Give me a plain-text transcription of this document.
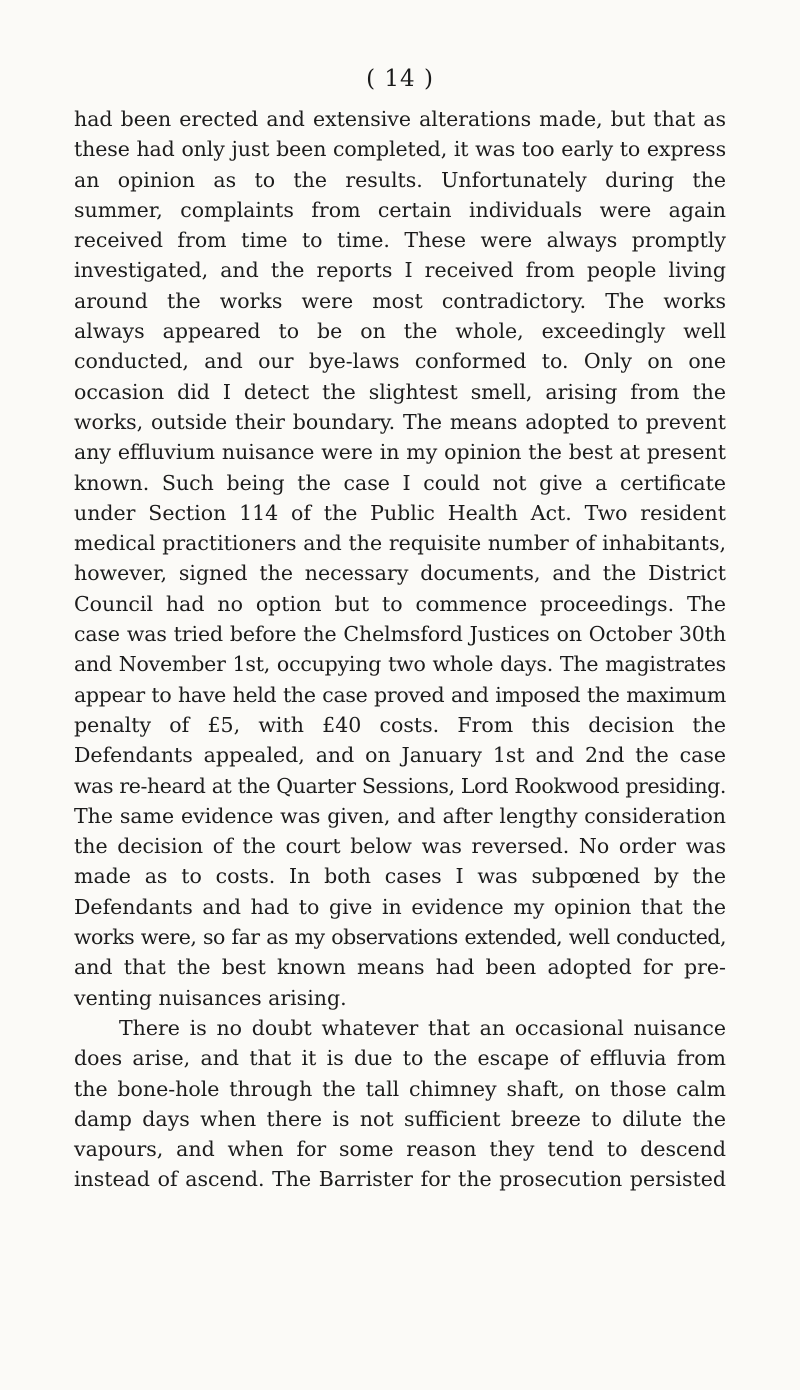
( 14 )
had been erected and extensive alterations made, but that as
these had only just been completed, it was too early to express
an opinion as to the results. Unfortunately during the
summer, complaints from certain individuals were again
received from time to time. These were always promptly
investigated, and the reports I received from people living
around the works were most contradictory. The works
always appeared to be on the whole, exceedingly well
conducted, and our bye-laws conformed to. Only on one
occasion did I detect the slightest smell, arising from the
works, outside their boundary. The means adopted to prevent
any effluvium nuisance were in my opinion the best at present
known. Such being the case I could not give a certificate
under Section 114 of the Public Health Act. Two resident
medical practitioners and the requisite number of inhabitants,
however, signed the necessary documents, and the District
Council had no option but to commence proceedings. The
case was tried before the Chelmsford Justices on October 30th
and November 1st, occupying two whole days. The magistrates
appear to have held the case proved and imposed the maximum
penalty of £5, with £40 costs. From this decision the
Defendants appealed, and on January 1st and 2nd the case
was re-heard at the Quarter Sessions, Lord Rookwood presiding.
The same evidence was given, and after lengthy consideration
the decision of the court below was reversed. No order was
made as to costs. In both cases I was subpœned by the
Defendants and had to give in evidence my opinion that the
works were, so far as my observations extended, well conducted,
and that the best known means had been adopted for pre-
venting nuisances arising.
There is no doubt whatever that an occasional nuisance
does arise, and that it is due to the escape of effluvia from
the bone-hole through the tall chimney shaft, on those calm
damp days when there is not sufficient breeze to dilute the
vapours, and when for some reason they tend to descend
instead of ascend. The Barrister for the prosecution persisted
